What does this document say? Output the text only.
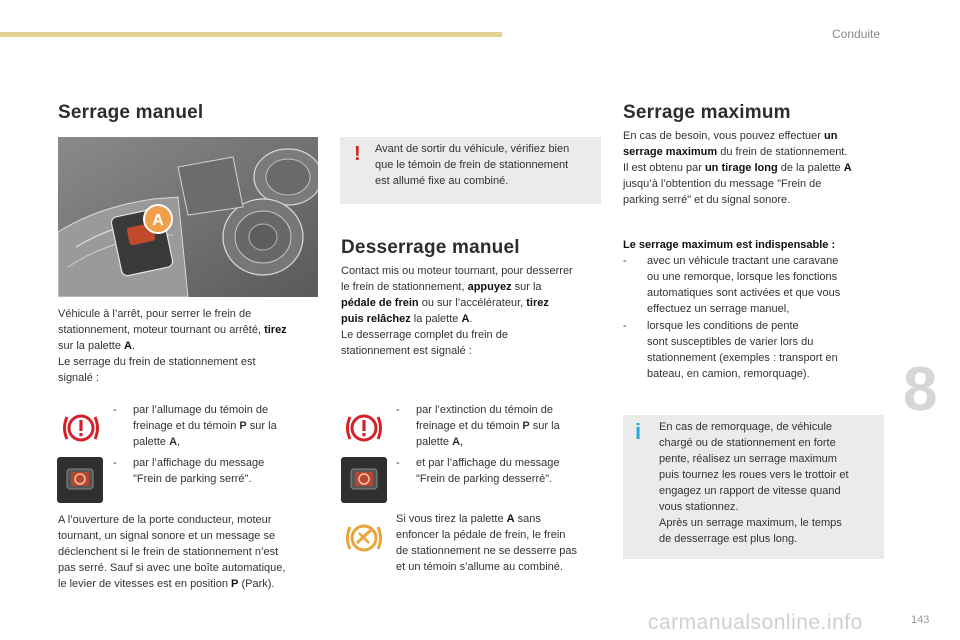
Conduite
8
143
carmanualsonline.info
Serrage manuel
A
Véhicule à l’arrêt, pour serrer le frein de
stationnement, moteur tournant ou arrêté, tirez
sur la palette A.
Le serrage du frein de stationnement est
signalé :
- par l’allumage du témoin de
freinage et du témoin P sur la
palette A,
- par l’affichage du message
"Frein de parking serré".
A l’ouverture de la porte conducteur, moteur
tournant, un signal sonore et un message se
déclenchent si le frein de stationnement n’est
pas serré. Sauf si avec une boîte automatique,
le levier de vitesses est en position P (Park).
! Avant de sortir du véhicule, vérifiez bien
que le témoin de frein de stationnement
est allumé fixe au combiné.
Desserrage manuel
Contact mis ou moteur tournant, pour desserrer
le frein de stationnement, appuyez sur la
pédale de frein ou sur l’accélérateur, tirez
puis relâchez la palette A.
Le desserrage complet du frein de
stationnement est signalé :
- par l’extinction du témoin de
freinage et du témoin P sur la
palette A,
- et par l’affichage du message
"Frein de parking desserré".
Si vous tirez la palette A sans
enfoncer la pédale de frein, le frein
de stationnement ne se desserre pas
et un témoin s’allume au combiné.
Serrage maximum
En cas de besoin, vous pouvez effectuer un
serrage maximum du frein de stationnement.
Il est obtenu par un tirage long de la palette A
jusqu’à l’obtention du message "Frein de
parking serré" et du signal sonore.
Le serrage maximum est indispensable :
- avec un véhicule tractant une caravane
ou une remorque, lorsque les fonctions
automatiques sont activées et que vous
effectuez un serrage manuel,
- lorsque les conditions de pente
sont susceptibles de varier lors du
stationnement (exemples : transport en
bateau, en camion, remorquage).
i En cas de remorquage, de véhicule
chargé ou de stationnement en forte
pente, réalisez un serrage maximum
puis tournez les roues vers le trottoir et
engagez un rapport de vitesse quand
vous stationnez.
Après un serrage maximum, le temps
de desserrage est plus long.
